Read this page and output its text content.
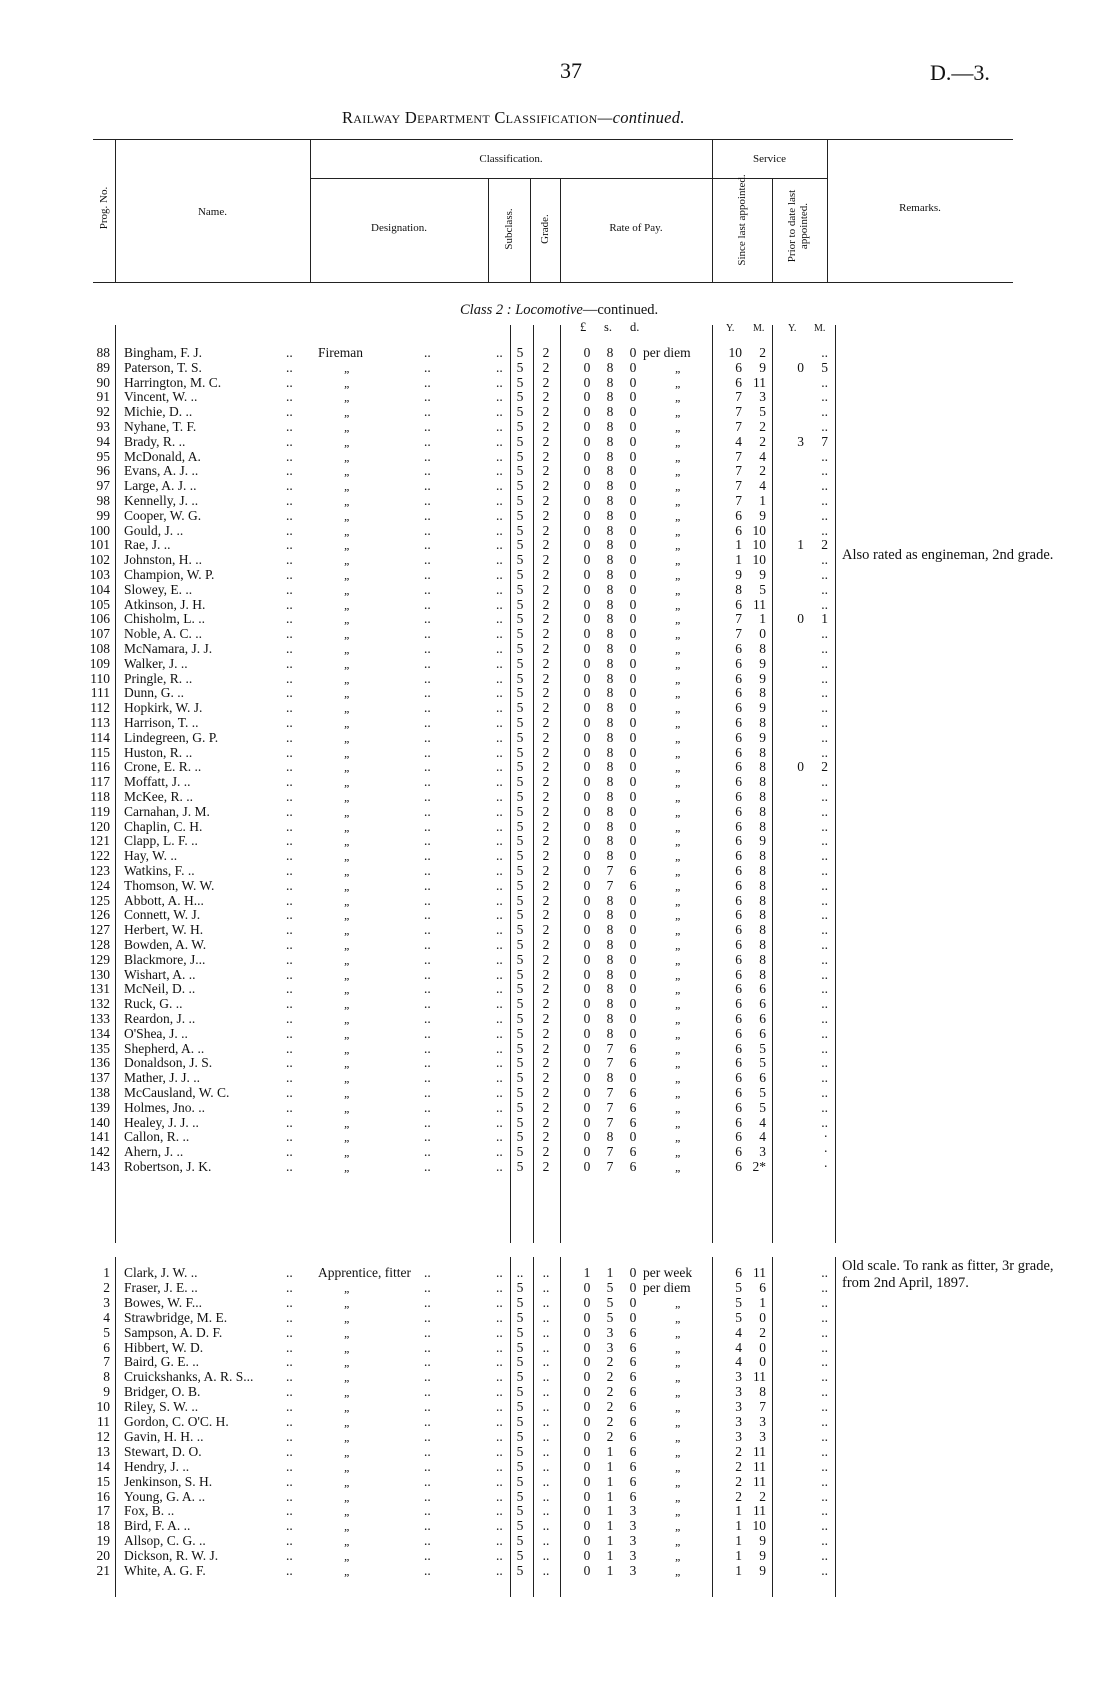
37	D.—3.
Railway Department Classification—continued.
Prog. No.	Name.
Classification.
Designation.	Subclass. Grade.	Rate of Pay.
Service
Since last appointed.	Prior to date last appointed.	Remarks.
Class 2 : Locomotive—continued.
£ s. d.	Y. M. Y. M.
88 Bingham, F. J.	.. Fireman	..	.. 5 2	0 8 0 per diem	10	2	..
89 Paterson, T. S.	..	„	..	.. 5 2	0 8 0	„	6	9	0	5
90 Harrington, M. C.	..	„	..	.. 5 2	0 8 0	„	6 11	..
91 Vincent, W. ..	..	„	..	.. 5 2	0 8 0	„	7	3	..
92 Michie, D. ..	..	„	..	.. 5 2	0 8 0	„	7	5	..
93 Nyhane, T. F.	..	„	..	.. 5 2	0 8 0	„	7	2	..
94 Brady, R. ..	..	„	..	.. 5 2	0 8 0	„	4	2	3	7
95 McDonald, A.	..	„	..	.. 5 2	0 8 0	„	7	4	..
96 Evans, A. J. ..	..	„	..	.. 5 2	0 8 0	„	7	2	..
97 Large, A. J. ..	..	„	..	.. 5 2	0 8 0	„	7	4	..
98 Kennelly, J. ..	..	„	..	.. 5 2	0 8 0	„	7	1	..
99 Cooper, W. G.	..	„	..	.. 5 2	0 8 0	„	6	9	..
100 Gould, J. ..	..	„	..	.. 5 2	0 8 0	„	6 10	..
101 Rae, J. ..	..	„	..	.. 5 2	0 8 0	„	1 10	1	2
102 Johnston, H. ..	..	„	..	.. 5 2	0 8 0	„	1 10	..
103 Champion, W. P.	..	„	..	.. 5 2	0 8 0	„	9	9	..
104 Slowey, E. ..	..	„	..	.. 5 2	0 8 0	„	8	5	..
105 Atkinson, J. H.	..	„	..	.. 5 2	0 8 0	„	6 11	..
106 Chisholm, L. ..	..	„	..	.. 5 2	0 8 0	„	7	1	0	1
107 Noble, A. C. ..	..	„	..	.. 5 2	0 8 0	„	7	0	..
108 McNamara, J. J.	..	„	..	.. 5 2	0 8 0	„	6	8	..
109 Walker, J. ..	..	„	..	.. 5 2	0 8 0	„	6	9	..
110 Pringle, R. ..	..	„	..	.. 5 2	0 8 0	„	6	9	..
111 Dunn, G. ..	..	„	..	.. 5 2	0 8 0	„	6	8	..
112 Hopkirk, W. J.	..	„	..	.. 5 2	0 8 0	„	6	9	..
113 Harrison, T. ..	..	„	..	.. 5 2	0 8 0	„	6	8	..
114 Lindegreen, G. P.	..	„	..	.. 5 2	0 8 0	„	6	9	..
115 Huston, R. ..	..	„	..	.. 5 2	0 8 0	„	6	8	..
116 Crone, E. R. ..	..	„	..	.. 5 2	0 8 0	„	6	8	0	2
117 Moffatt, J. ..	..	„	..	.. 5 2	0 8 0	„	6	8	..
118 McKee, R. ..	..	„	..	.. 5 2	0 8 0	„	6	8	..
119 Carnahan, J. M.	..	„	..	.. 5 2	0 8 0	„	6	8	..
120 Chaplin, C. H.	..	„	..	.. 5 2	0 8 0	„	6	8	..
121 Clapp, L. F. ..	..	„	..	.. 5 2	0 8 0	„	6	9	..
122 Hay, W. ..	..	„	..	.. 5 2	0 8 0	„	6	8	..
123 Watkins, F. ..	..	„	..	.. 5 2	0 7 6	„	6	8	..
124 Thomson, W. W.	..	„	..	.. 5 2	0 7 6	„	6	8	..
125 Abbott, A. H...	..	„	..	.. 5 2	0 8 0	„	6	8	..
126 Connett, W. J.	..	„	..	.. 5 2	0 8 0	„	6	8	..
127 Herbert, W. H.	..	„	..	.. 5 2	0 8 0	„	6	8	..
128 Bowden, A. W.	..	„	..	.. 5 2	0 8 0	„	6	8	..
129 Blackmore, J...	..	„	..	.. 5 2	0 8 0	„	6	8	..
130 Wishart, A. ..	..	„	..	.. 5 2	0 8 0	„	6	8	..
131 McNeil, D. ..	..	„	..	.. 5 2	0 8 0	„	6	6	..
132 Ruck, G. ..	..	„	..	.. 5 2	0 8 0	„	6	6	..
133 Reardon, J. ..	..	„	..	.. 5 2	0 8 0	„	6	6	..
134 O'Shea, J. ..	..	„	..	.. 5 2	0 8 0	„	6	6	..
135 Shepherd, A. ..	..	„	..	.. 5 2	0 7 6	„	6	5	..
136 Donaldson, J. S.	..	„	..	.. 5 2	0 7 6	„	6	5	..
137 Mather, J. J. ..	..	„	..	.. 5 2	0 8 0	„	6	6	..
138 McCausland, W. C.	..	„	..	.. 5 2	0 7 6	„	6	5	..
139 Holmes, Jno. ..	..	„	..	.. 5 2	0 7 6	„	6	5	..
140 Healey, J. J. ..	..	„	..	.. 5 2	0 7 6	„	6	4	..
141 Callon, R. ..	..	„	..	.. 5 2	0 8 0	„	6	4	·
142 Ahern, J. ..	..	„	..	.. 5 2	0 7 6	„	6	3	·
143 Robertson, J. K.	..	„	..	.. 5 2	0 7 6	„	6 2*	·
1 Clark, J. W. ..	.. Apprentice, fitter ..	.. .. ..	1 1 0 per week	6 11	..
2 Fraser, J. E. ..	..	„	..	.. 5 ..	0 5 0 per diem	5	6	..
3 Bowes, W. F...	..	„	..	.. 5 ..	0 5 0	„	5	1	..
4 Strawbridge, M. E.	..	„	..	.. 5 ..	0 5 0	„	5	0	..
5 Sampson, A. D. F.	..	„	..	.. 5 ..	0 3 6	„	4	2	..
6 Hibbert, W. D.	..	„	..	.. 5 ..	0 3 6	„	4	0	..
7 Baird, G. E. ..	..	„	..	.. 5 ..	0 2 6	„	4	0	..
8 Cruickshanks, A. R. S... ..	„	..	.. 5 ..	0 2 6	„	3 11	..
9 Bridger, O. B.	..	„	..	.. 5 ..	0 2 6	„	3	8	..
10 Riley, S. W. ..	..	„	..	.. 5 ..	0 2 6	„	3	7	..
11 Gordon, C. O'C. H.	..	„	..	.. 5 ..	0 2 6	„	3	3	..
12 Gavin, H. H. ..	..	„	..	.. 5 ..	0 2 6	„	3	3	..
13 Stewart, D. O.	..	„	..	.. 5 ..	0 1 6	„	2 11	..
14 Hendry, J. ..	..	„	..	.. 5 ..	0 1 6	„	2 11	..
15 Jenkinson, S. H.	..	„	..	.. 5 ..	0 1 6	„	2 11	..
16 Young, G. A. ..	..	„	..	.. 5 ..	0 1 6	„	2	2	..
17 Fox, B. ..	..	„	..	.. 5 ..	0 1 3	„	1 11	..
18 Bird, F. A. ..	..	„	..	.. 5 ..	0 1 3	„	1 10	..
19 Allsop, C. G. ..	..	„	..	.. 5 ..	0 1 3	„	1	9	..
20 Dickson, R. W. J.	..	„	..	.. 5 ..	0 1 3	„	1	9	..
21 White, A. G. F.	..	„	..	.. 5 ..	0 1 3	„	1	9	..
Also rated as engineman, 2nd grade.
Old scale. To rank as fitter, 3r grade, from 2nd April, 1897.
